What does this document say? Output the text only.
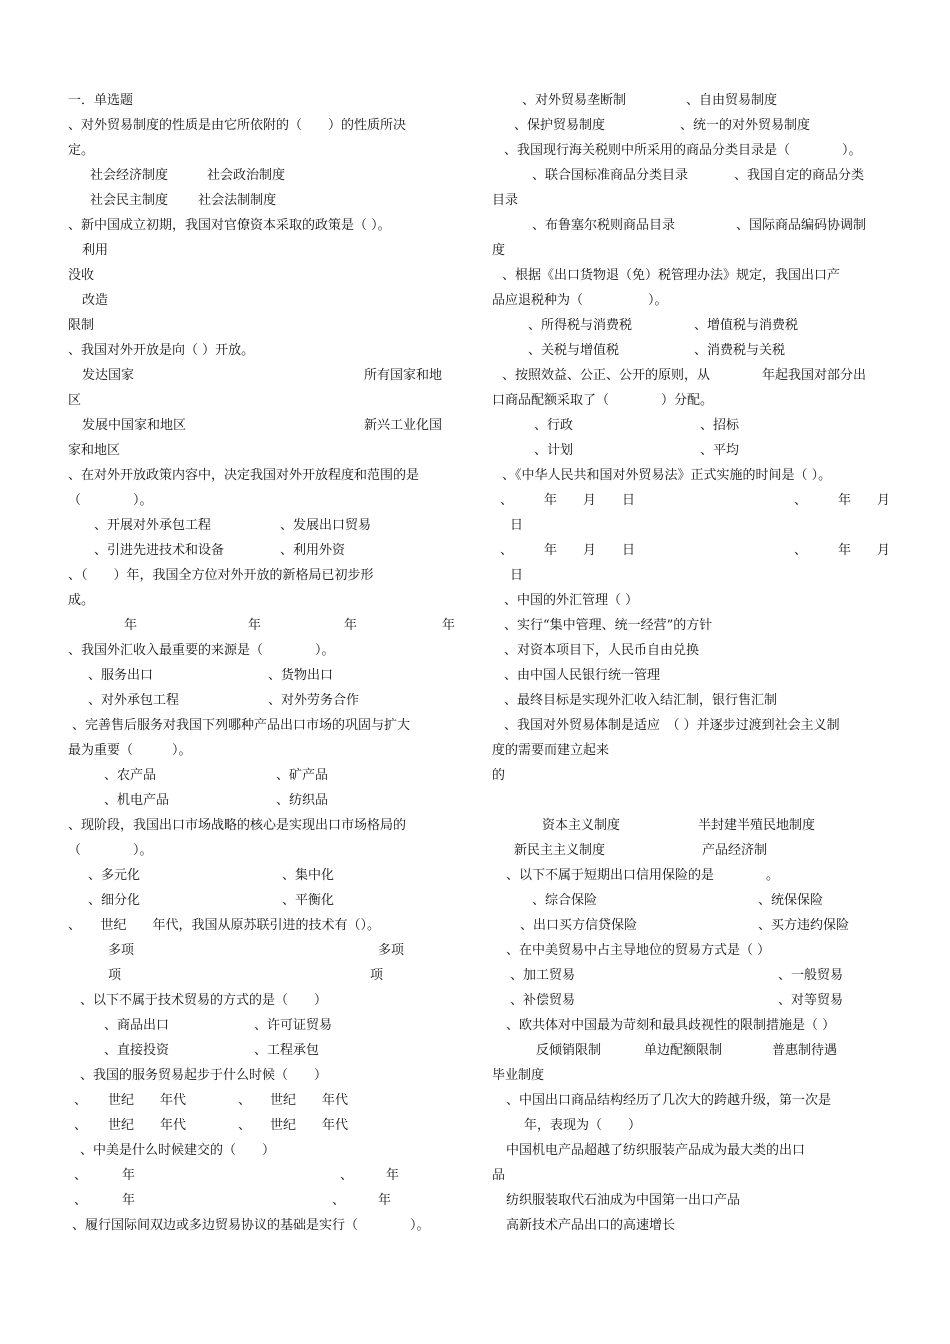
一．单选题
、对外贸易制度的性质是由它所依附的（　　）的性质所决
定。
社会经济制度　　　社会政治制度
社会民主制度　　 社会法制制度
、新中国成立初期，我国对官僚资本采取的政策是（ ）。
利用
没收
改造
限制
、我国对外开放是向（ ）开放。
发达国家	所有国家和地
区
发展中国家和地区	新兴工业化国
家和地区
、在对外开放政策内容中，决定我国对外开放程度和范围的是
（　　　　）。
、开展对外承包工程	、发展出口贸易
、引进先进技术和设备	、利用外资
、（　　）年，我国全方位对外开放的新格局已初步形
成。
年	年	年	年
、我国外汇收入最重要的来源是（　　　　）。
、服务出口	、货物出口
、对外承包工程	、对外劳务合作
、完善售后服务对我国下列哪种产品出口市场的巩固与扩大
最为重要（　　　）。
、农产品	、矿产品
、机电产品	、纺织品
、现阶段，我国出口市场战略的核心是实现出口市场格局的
（　　　　）。
、多元化	、集中化
、细分化	、平衡化
、　　世纪　　年代，我国从原苏联引进的技术有（）。
多项	多项
项	项
、以下不属于技术贸易的方式的是（　　）
、商品出口	、许可证贸易
、直接投资	、工程承包
、我国的服务贸易起步于什么时候（　　）
、 世纪　　年代	、 世纪　　年代
、 世纪　　年代	、 世纪　　年代
、中美是什么时候建交的（　　）
、	年	、	年
、	年	、	年
、履行国际间双边或多边贸易协议的基础是实行（　　　　）。
、对外贸易垄断制	、自由贸易制度
、保护贸易制度	、统一的对外贸易制度
、我国现行海关税则中所采用的商品分类目录是（　　　　）。
、联合国标准商品分类目录	、我国自定的商品分类
目录
、布鲁塞尔税则商品目录	、国际商品编码协调制
度
、根据《出口货物退（免）税管理办法》规定，我国出口产
品应退税种为（　　　　　）。
、所得税与消费税	、增值税与消费税
、关税与增值税	、消费税与关税
、按照效益、公正、公开的原则，从　　　　年起我国对部分出
口商品配额采取了（　　　　）分配。
、行政	、招标
、计划	、平均
、《中华人民共和国对外贸易法》正式实施的时间是（ ）。
、 年　　月　　日	、 年　　月
日
、 年　　月　　日	、 年　　月
日
、中国的外汇管理（ ）
、实行“集中管理、统一经营”的方针
、对资本项目下，人民币自由兑换
、由中国人民银行统一管理
、最终目标是实现外汇收入结汇制，银行售汇制
、我国对外贸易体制是适应　（ ）并逐步过渡到社会主义制
度的需要而建立起来
的
资本主义制度	半封建半殖民地制度
新民主主义制度	产品经济制
、以下不属于短期出口信用保险的是　　　　。
、综合保险	、统保保险
、出口买方信贷保险	、买方违约保险
、在中美贸易中占主导地位的贸易方式是（ ）
、加工贸易	、一般贸易
、补偿贸易	、对等贸易
、欧共体对中国最为苛刻和最具歧视性的限制措施是（ ）
反倾销限制	单边配额限制	普惠制待遇
毕业制度
、中国出口商品结构经历了几次大的跨越升级，第一次是
年，表现为（　　）
中国机电产品超越了纺织服装产品成为最大类的出口
品
纺织服装取代石油成为中国第一出口产品
高新技术产品出口的高速增长
